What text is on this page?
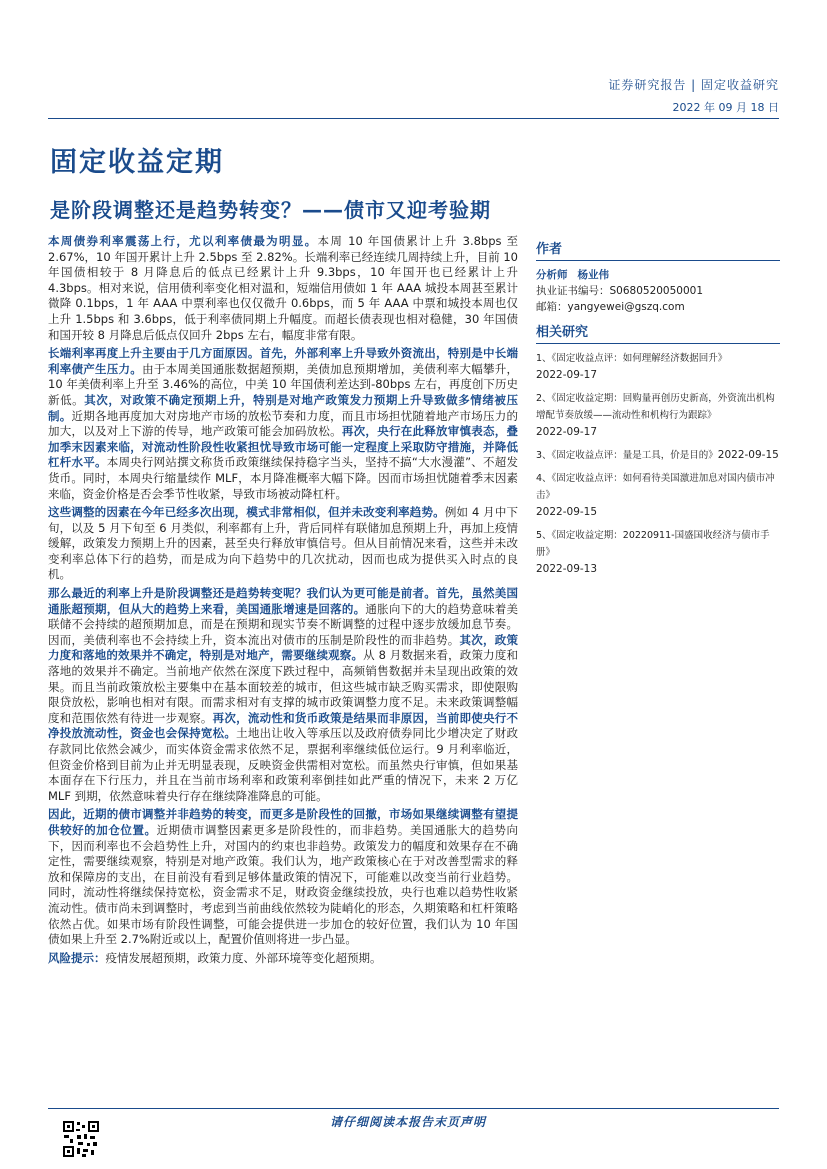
证券研究报告 | 固定收益研究
2022 年 09 月 18 日
固定收益定期
是阶段调整还是趋势转变？——债市又迎考验期

本周债券利率震荡上行，尤以利率债最为明显。本周 10 年国债累计上升 3.8bps 至 2.67%，10 年国开累计上升 2.5bps 至 2.82%。长端利率已经连续几周持续上升，目前 10 年国债相较于 8 月降息后的低点已经累计上升 9.3bps，10 年国开也已经累计上升 4.3bps。相对来说，信用债利率变化相对温和，短端信用债如 1 年 AAA 城投本周甚至累计微降 0.1bps，1 年 AAA 中票利率也仅仅微升 0.6bps，而 5 年 AAA 中票和城投本周也仅上升 1.5bps 和 3.6bps，低于利率债同期上升幅度。而超长债表现也相对稳健，30 年国债和国开较 8 月降息后低点仅回升 2bps 左右，幅度非常有限。

长端利率再度上升主要由于几方面原因。首先，外部利率上升导致外资流出，特别是中长端利率债产生压力。由于本周美国通胀数据超预期，美债加息预期增加，美债利率大幅攀升，10 年美债利率上升至 3.46%的高位，中美 10 年国债利差达到-80bps 左右，再度创下历史新低。其次，对政策不确定预期上升，特别是对地产政策发力预期上升导致做多情绪被压制。近期各地再度加大对房地产市场的放松节奏和力度，而且市场担忧随着地产市场压力的加大，以及对上下游的传导，地产政策可能会加码放松。再次，央行在此释放审慎表态，叠加季末因素来临，对流动性阶段性收紧担忧导致市场可能一定程度上采取防守措施，并降低杠杆水平。本周央行网站撰文称货币政策继续保持稳字当头，坚持不搞“大水漫灌”、不超发货币。同时，本周央行缩量续作 MLF，本月降准概率大幅下降。因而市场担忧随着季末因素来临，资金价格是否会季节性收紧，导致市场被动降杠杆。

这些调整的因素在今年已经多次出现，模式非常相似，但并未改变利率趋势。例如 4 月中下旬，以及 5 月下旬至 6 月类似，利率都有上升，背后同样有联储加息预期上升，再加上疫情缓解，政策发力预期上升的因素，甚至央行释放审慎信号。但从目前情况来看，这些并未改变利率总体下行的趋势，而是成为向下趋势中的几次扰动，因而也成为提供买入时点的良机。

那么最近的利率上升是阶段调整还是趋势转变呢？我们认为更可能是前者。首先，虽然美国通胀超预期，但从大的趋势上来看，美国通胀增速是回落的。通胀向下的大的趋势意味着美联储不会持续的超预期加息，而是在预期和现实节奏不断调整的过程中逐步放缓加息节奏。因而，美债利率也不会持续上升，资本流出对债市的压制是阶段性的而非趋势。其次，政策力度和落地的效果并不确定，特别是对地产，需要继续观察。从 8 月数据来看，政策力度和落地的效果并不确定。当前地产依然在深度下跌过程中，高频销售数据并未呈现出政策的效果。而且当前政策放松主要集中在基本面较差的城市，但这些城市缺乏购买需求，即使限购限贷放松，影响也相对有限。而需求相对有支撑的城市政策调整力度不足。未来政策调整幅度和范围依然有待进一步观察。再次，流动性和货币政策是结果而非原因，当前即使央行不净投放流动性，资金也会保持宽松。土地出让收入等承压以及政府债券同比少增决定了财政存款同比依然会减少，而实体资金需求依然不足，票据利率继续低位运行。9 月利率临近，但资金价格到目前为止并无明显表现，反映资金供需相对宽松。而虽然央行审慎，但如果基本面存在下行压力，并且在当前市场利率和政策利率倒挂如此严重的情况下，未来 2 万亿 MLF 到期，依然意味着央行存在继续降准降息的可能。

因此，近期的债市调整并非趋势的转变，而更多是阶段性的回撤，市场如果继续调整有望提供较好的加仓位置。近期债市调整因素更多是阶段性的，而非趋势。美国通胀大的趋势向下，因而利率也不会趋势性上升，对国内的约束也非趋势。政策发力的幅度和效果存在不确定性，需要继续观察，特别是对地产政策。我们认为，地产政策核心在于对改善型需求的释放和保障房的支出，在目前没有看到足够体量政策的情况下，可能难以改变当前行业趋势。同时，流动性将继续保持宽松，资金需求不足，财政资金继续投放，央行也难以趋势性收紧流动性。债市尚未到调整时，考虑到当前曲线依然较为陡峭化的形态，久期策略和杠杆策略依然占优。如果市场有阶段性调整，可能会提供进一步加仓的较好位置，我们认为 10 年国债如果上升至 2.7%附近或以上，配置价值则将进一步凸显。

风险提示：疫情发展超预期，政策力度、外部环境等变化超预期。

作者
分析师 杨业伟
执业证书编号：S0680520050001
邮箱：yangyewei@gszq.com
相关研究
1、《固定收益点评：如何理解经济数据回升》
2022-09-17
2、《固定收益定期：回购量再创历史新高，外资流出机构增配节奏放缓——流动性和机构行为跟踪》
2022-09-17
3、《固定收益点评：量是工具，价是目的》2022-09-15
4、《固定收益点评：如何看待美国激进加息对国内债市冲击》
2022-09-15
5、《固定收益定期：20220911-国盛国收经济与债市手册》
2022-09-13
请仔细阅读本报告末页声明
